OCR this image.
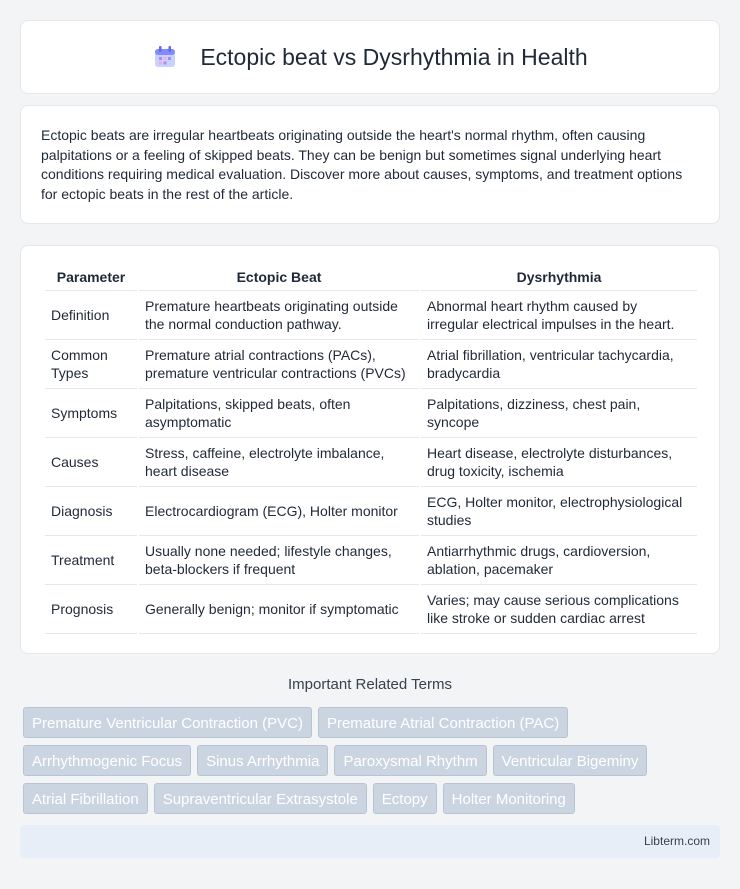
Ectopic beat vs Dysrhythmia in Health

Ectopic beats are irregular heartbeats originating outside the heart's normal rhythm, often causing palpitations or a feeling of skipped beats. They can be benign but sometimes signal underlying heart conditions requiring medical evaluation. Discover more about causes, symptoms, and treatment options for ectopic beats in the rest of the article.

Parameter	Ectopic Beat	Dysrhythmia
Definition	Premature heartbeats originating outside the normal conduction pathway.	Abnormal heart rhythm caused by irregular electrical impulses in the heart.
Common Types	Premature atrial contractions (PACs), premature ventricular contractions (PVCs)	Atrial fibrillation, ventricular tachycardia, bradycardia
Symptoms	Palpitations, skipped beats, often asymptomatic	Palpitations, dizziness, chest pain, syncope
Causes	Stress, caffeine, electrolyte imbalance, heart disease	Heart disease, electrolyte disturbances, drug toxicity, ischemia
Diagnosis	Electrocardiogram (ECG), Holter monitor	ECG, Holter monitor, electrophysiological studies
Treatment	Usually none needed; lifestyle changes, beta-blockers if frequent	Antiarrhythmic drugs, cardioversion, ablation, pacemaker
Prognosis	Generally benign; monitor if symptomatic	Varies; may cause serious complications like stroke or sudden cardiac arrest
Important Related Terms
Premature Ventricular Contraction (PVC)	Premature Atrial Contraction (PAC)
Arrhythmogenic Focus	Sinus Arrhythmia	Paroxysmal Rhythm	Ventricular Bigeminy
Atrial Fibrillation	Supraventricular Extrasystole	Ectopy	Holter Monitoring
Libterm.com
